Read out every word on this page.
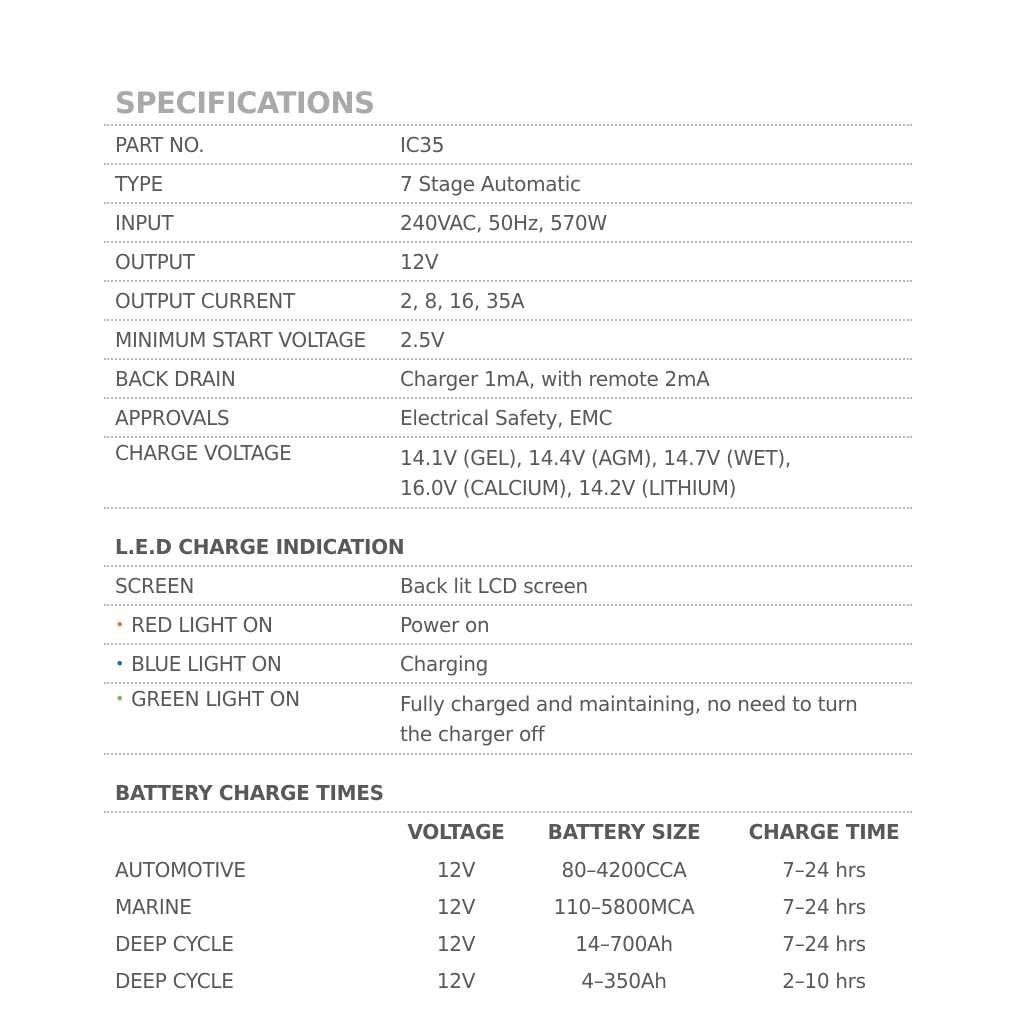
SPECIFICATIONS
PART NO.	IC35
TYPE	7 Stage Automatic
INPUT	240VAC, 50Hz, 570W
OUTPUT	12V
OUTPUT CURRENT	2, 8, 16, 35A
MINIMUM START VOLTAGE	2.5V
BACK DRAIN	Charger 1mA, with remote 2mA
APPROVALS	Electrical Safety, EMC
CHARGE VOLTAGE	14.1V (GEL), 14.4V (AGM), 14.7V (WET),
16.0V (CALCIUM), 14.2V (LITHIUM)
L.E.D CHARGE INDICATION
SCREEN	Back lit LCD screen
• RED LIGHT ON	Power on
• BLUE LIGHT ON	Charging
• GREEN LIGHT ON	Fully charged and maintaining, no need to turn
the charger off
BATTERY CHARGE TIMES
	VOLTAGE	BATTERY SIZE	CHARGE TIME
AUTOMOTIVE	12V	80–4200CCA	7–24 hrs
MARINE	12V	110–5800MCA	7–24 hrs
DEEP CYCLE	12V	14–700Ah	7–24 hrs
DEEP CYCLE	12V	4–350Ah	2–10 hrs
